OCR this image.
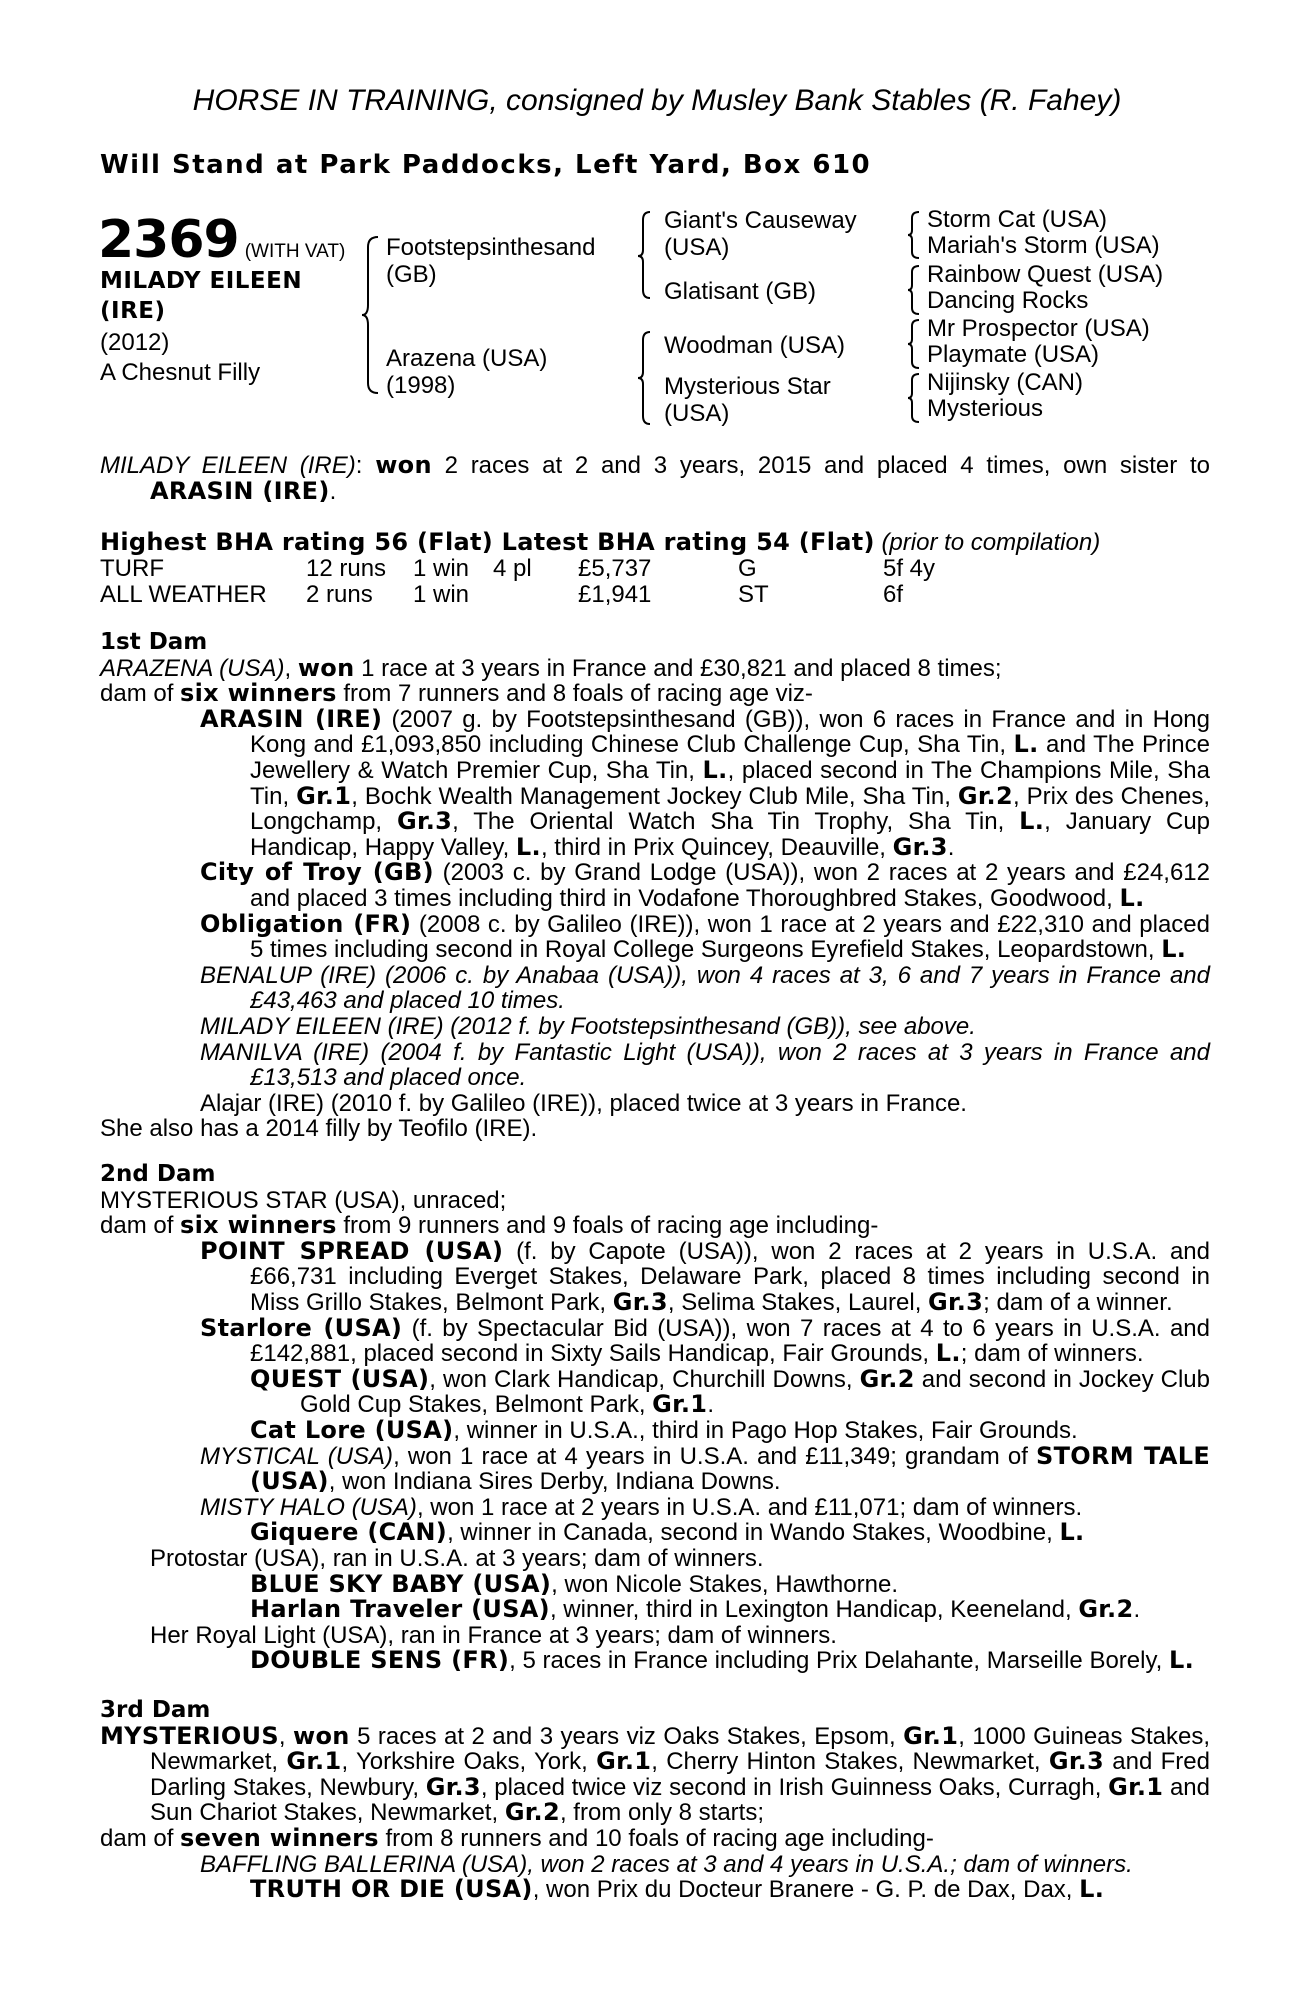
HORSE IN TRAINING, consigned by Musley Bank Stables (R. Fahey)
Will Stand at Park Paddocks, Left Yard, Box 610
2369 (WITH VAT)
MILADY EILEEN
(IRE)
(2012)
A Chesnut Filly
Footstepsinthesand
(GB)
Arazena (USA)
(1998)
Giant's Causeway
(USA)
Glatisant (GB)
Woodman (USA)
Mysterious Star
(USA)
Storm Cat (USA)
Mariah's Storm (USA)
Rainbow Quest (USA)
Dancing Rocks
Mr Prospector (USA)
Playmate (USA)
Nijinsky (CAN)
Mysterious

MILADY EILEEN (IRE): won 2 races at 2 and 3 years, 2015 and placed 4 times, own sister to ARASIN (IRE).

Highest BHA rating 56 (Flat) Latest BHA rating 54 (Flat) (prior to compilation)
TURF	12 runs	1 win	4 pl	£5,737	G	5f 4y
ALL WEATHER	2 runs	1 win		£1,941	ST	6f

1st Dam

ARAZENA (USA), won 1 race at 3 years in France and £30,821 and placed 8 times;

dam of six winners from 7 runners and 8 foals of racing age viz-

ARASIN (IRE) (2007 g. by Footstepsinthesand (GB)), won 6 races in France and in Hong Kong and £1,093,850 including Chinese Club Challenge Cup, Sha Tin, L. and The Prince Jewellery & Watch Premier Cup, Sha Tin, L., placed second in The Champions Mile, Sha Tin, Gr.1, Bochk Wealth Management Jockey Club Mile, Sha Tin, Gr.2, Prix des Chenes, Longchamp, Gr.3, The Oriental Watch Sha Tin Trophy, Sha Tin, L., January Cup Handicap, Happy Valley, L., third in Prix Quincey, Deauville, Gr.3.

City of Troy (GB) (2003 c. by Grand Lodge (USA)), won 2 races at 2 years and £24,612 and placed 3 times including third in Vodafone Thoroughbred Stakes, Goodwood, L.

Obligation (FR) (2008 c. by Galileo (IRE)), won 1 race at 2 years and £22,310 and placed 5 times including second in Royal College Surgeons Eyrefield Stakes, Leopardstown, L.

BENALUP (IRE) (2006 c. by Anabaa (USA)), won 4 races at 3, 6 and 7 years in France and £43,463 and placed 10 times.

MILADY EILEEN (IRE) (2012 f. by Footstepsinthesand (GB)), see above.

MANILVA (IRE) (2004 f. by Fantastic Light (USA)), won 2 races at 3 years in France and £13,513 and placed once.

Alajar (IRE) (2010 f. by Galileo (IRE)), placed twice at 3 years in France.

She also has a 2014 filly by Teofilo (IRE).

2nd Dam

MYSTERIOUS STAR (USA), unraced;

dam of six winners from 9 runners and 9 foals of racing age including-

POINT SPREAD (USA) (f. by Capote (USA)), won 2 races at 2 years in U.S.A. and £66,731 including Everget Stakes, Delaware Park, placed 8 times including second in Miss Grillo Stakes, Belmont Park, Gr.3, Selima Stakes, Laurel, Gr.3; dam of a winner.

Starlore (USA) (f. by Spectacular Bid (USA)), won 7 races at 4 to 6 years in U.S.A. and £142,881, placed second in Sixty Sails Handicap, Fair Grounds, L.; dam of winners.

QUEST (USA), won Clark Handicap, Churchill Downs, Gr.2 and second in Jockey Club Gold Cup Stakes, Belmont Park, Gr.1.

Cat Lore (USA), winner in U.S.A., third in Pago Hop Stakes, Fair Grounds.

MYSTICAL (USA), won 1 race at 4 years in U.S.A. and £11,349; grandam of STORM TALE (USA), won Indiana Sires Derby, Indiana Downs.

MISTY HALO (USA), won 1 race at 2 years in U.S.A. and £11,071; dam of winners.

Giquere (CAN), winner in Canada, second in Wando Stakes, Woodbine, L.

Protostar (USA), ran in U.S.A. at 3 years; dam of winners.

BLUE SKY BABY (USA), won Nicole Stakes, Hawthorne.

Harlan Traveler (USA), winner, third in Lexington Handicap, Keeneland, Gr.2.

Her Royal Light (USA), ran in France at 3 years; dam of winners.

DOUBLE SENS (FR), 5 races in France including Prix Delahante, Marseille Borely, L.

3rd Dam

MYSTERIOUS, won 5 races at 2 and 3 years viz Oaks Stakes, Epsom, Gr.1, 1000 Guineas Stakes, Newmarket, Gr.1, Yorkshire Oaks, York, Gr.1, Cherry Hinton Stakes, Newmarket, Gr.3 and Fred Darling Stakes, Newbury, Gr.3, placed twice viz second in Irish Guinness Oaks, Curragh, Gr.1 and Sun Chariot Stakes, Newmarket, Gr.2, from only 8 starts;

dam of seven winners from 8 runners and 10 foals of racing age including-

BAFFLING BALLERINA (USA), won 2 races at 3 and 4 years in U.S.A.; dam of winners.

TRUTH OR DIE (USA), won Prix du Docteur Branere - G. P. de Dax, Dax, L.
